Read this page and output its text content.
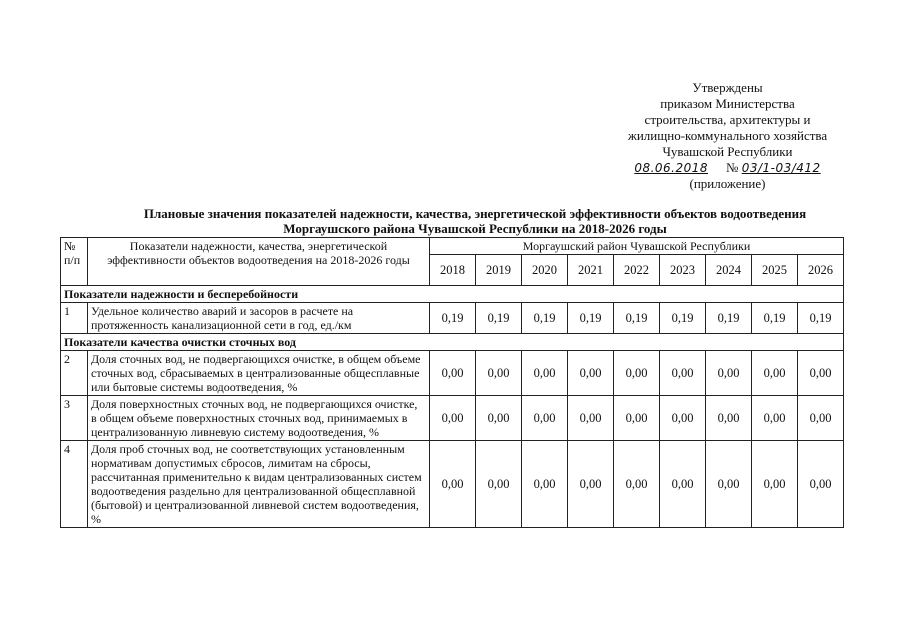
Утверждены
приказом Министерства
строительства, архитектуры и
жилищно-коммунального хозяйства
Чувашской Республики
08.06.2018 № 03/1-03/412
(приложение)
Плановые значения показателей надежности, качества, энергетической эффективности объектов водоотведения
Моргаушского района Чувашской Республики на 2018-2026 годы
№ п/п	Показатели надежности, качества, энергетической эффективности объектов водоотведения на 2018-2026 годы	Моргаушский район Чувашской Республики								
		2018	2019	2020	2021	2022	2023	2024	2025	2026
Показатели надежности и бесперебойности										
1	Удельное количество аварий и засоров в расчете на протяженность канализационной сети в год, ед./км	0,19	0,19	0,19	0,19	0,19	0,19	0,19	0,19	0,19
Показатели качества очистки сточных вод										
2	Доля сточных вод, не подвергающихся очистке, в общем объеме сточных вод, сбрасываемых в централизованные общесплавные или бытовые системы водоотведения, %	0,00	0,00	0,00	0,00	0,00	0,00	0,00	0,00	0,00
3	Доля поверхностных сточных вод, не подвергающихся очистке, в общем объеме поверхностных сточных вод, принимаемых в централизованную ливневую систему водоотведения, %	0,00	0,00	0,00	0,00	0,00	0,00	0,00	0,00	0,00
4	Доля проб сточных вод, не соответствующих установленным нормативам допустимых сбросов, лимитам на сбросы, рассчитанная применительно к видам централизованных систем водоотведения раздельно для централизованной общесплавной (бытовой) и централизованной ливневой систем водоотведения, %	0,00	0,00	0,00	0,00	0,00	0,00	0,00	0,00	0,00
